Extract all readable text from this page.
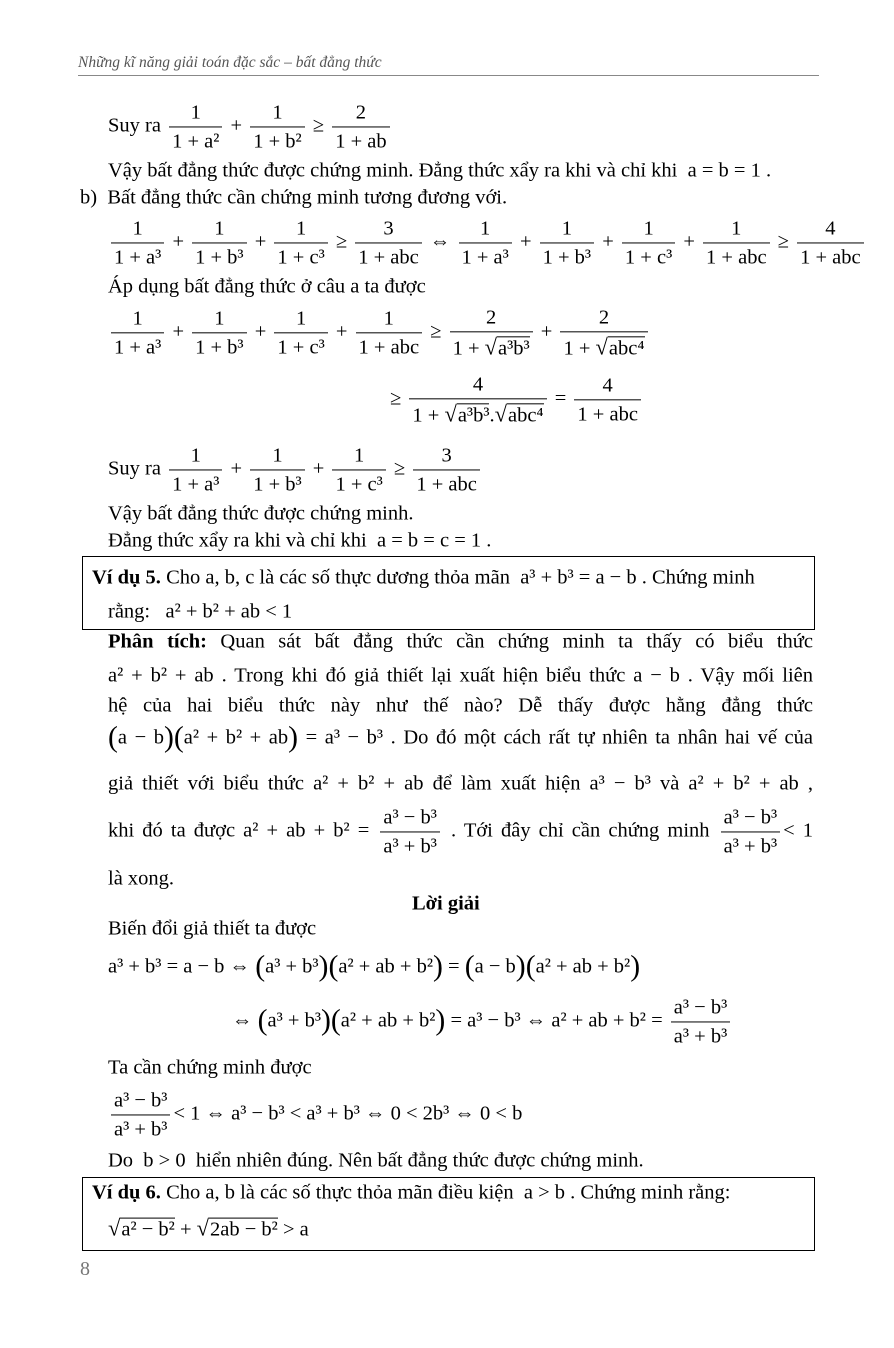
Những kĩ năng giải toán đặc sắc – bất đẳng thức
Suy ra $\frac{1}{\text{1 + a²}} + \frac{1}{\text{1 + b²}} \ge \frac{2}{1 + ab}$
Vậy bất đẳng thức được chứng minh. Đẳng thức xẩy ra khi và chỉ khi  a = b = 1 .
b)  Bất đẳng thức cần chứng minh tương đương với.
$\frac{1}{\text{1 + a³}} + \frac{1}{\text{1 + b³}} + \frac{1}{\text{1 + c³}} \ge \frac{3}{\text{1 + abc}}$ ⇔ $\frac{1}{\text{1 + a³}} + \frac{1}{\text{1 + b³}} + \frac{1}{\text{1 + c³}} + \frac{1}{\text{1 + abc}} \ge \frac{4}{\text{1 + abc}}$
Áp dụng bất đẳng thức ở câu a ta được
$\frac{1}{\text{1 + a³}} + \frac{1}{\text{1 + b³}} + \frac{1}{\text{1 + c³}} + \frac{1}{\text{1 + abc}} \ge \frac{2}{\text{1 + √a³b³}} + \frac{2}{\text{1 + √abc⁴}}$
≥ $\frac{4}{\text{1 + √a³b³.√abc⁴}} = \frac{4}{\text{1 + abc}}$
Suy ra $\frac{1}{\text{1 + a³}} + \frac{1}{\text{1 + b³}} + \frac{1}{\text{1 + c³}} \ge \frac{3}{\text{1 + abc}}$
Vậy bất đẳng thức được chứng minh.
Đẳng thức xẩy ra khi và chỉ khi  a = b = c = 1 .
Ví dụ 5. Cho a, b, c là các số thực dương thỏa mãn  a³ + b³ = a − b . Chứng minh
rằng:   a² + b² + ab < 1
Phân tích: Quan sát bất đẳng thức cần chứng minh ta thấy có biểu thức
a² + b² + ab . Trong khi đó giả thiết lại xuất hiện biểu thức a − b . Vậy mối liên
hệ của hai biểu thức này như thế nào? Dễ thấy được hằng đẳng thức
(a − b)(a² + b² + ab) = a³ − b³ . Do đó một cách rất tự nhiên ta nhân hai vế của
giả thiết với biểu thức a² + b² + ab để làm xuất hiện a³ − b³ và a² + b² + ab ,
khi đó ta được a² + ab + $b^2 = \frac{\text{a³ − b³}}{\text{a³ + b³}}$ . Tới đây chỉ cần chứng minh $\frac{\text{a³ − b³}}{\text{a³ + b³}} < 1$
là xong.
Lời giải
Biến đổi giả thiết ta được
a³ + b³ = a − b ⇔ (a³ + b³)(a² + ab + b²) = (a − b)(a² + ab + b²)
⇔ (a³ + b³)(a² + ab + b²) = a³ − b³ ⇔ a² + ab + $b^2 = \frac{\text{a³ − b³}}{\text{a³ + b³}}$
Ta cần chứng minh được
$\frac{\text{a³ − b³}}{\text{a³ + b³}} < 1$ ⇔ a³ − b³ < a³ + b³ ⇔ 0 < 2b³ ⇔ 0 < b
Do  b > 0  hiển nhiên đúng. Nên bất đẳng thức được chứng minh.
Ví dụ 6. Cho a, b là các số thực thỏa mãn điều kiện  a > b . Chứng minh rằng:
√a² − b² + √2ab − b² > a
8
